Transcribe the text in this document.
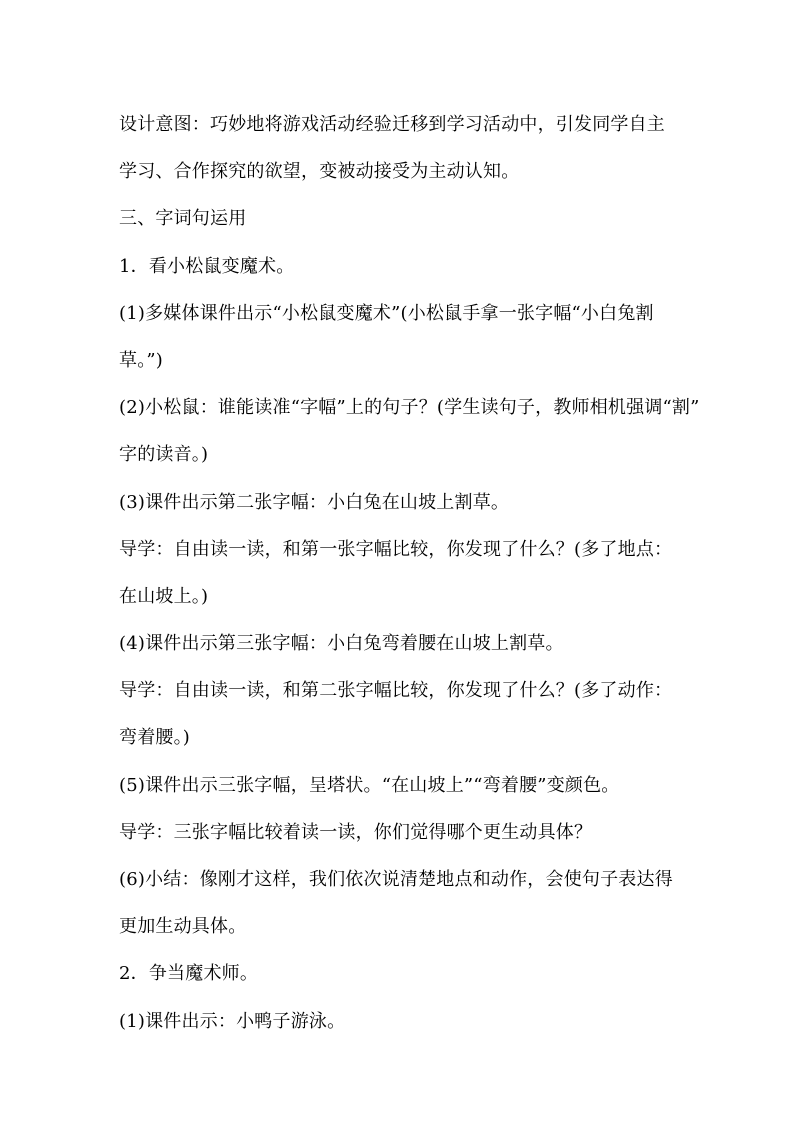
设计意图：巧妙地将游戏活动经验迁移到学习活动中，引发同学自主
学习、合作探究的欲望，变被动接受为主动认知。
三、字词句运用
1．看小松鼠变魔术。
(1)多媒体课件出示“小松鼠变魔术”(小松鼠手拿一张字幅“小白兔割
草。”)
(2)小松鼠：谁能读准“字幅”上的句子？(学生读句子，教师相机强调“割”
字的读音。)
(3)课件出示第二张字幅：小白兔在山坡上割草。
导学：自由读一读，和第一张字幅比较，你发现了什么？(多了地点：
在山坡上。)
(4)课件出示第三张字幅：小白兔弯着腰在山坡上割草。
导学：自由读一读，和第二张字幅比较，你发现了什么？(多了动作：
弯着腰。)
(5)课件出示三张字幅，呈塔状。“在山坡上”“弯着腰”变颜色。
导学：三张字幅比较着读一读，你们觉得哪个更生动具体？
(6)小结：像刚才这样，我们依次说清楚地点和动作，会使句子表达得
更加生动具体。
2．争当魔术师。
(1)课件出示：小鸭子游泳。
